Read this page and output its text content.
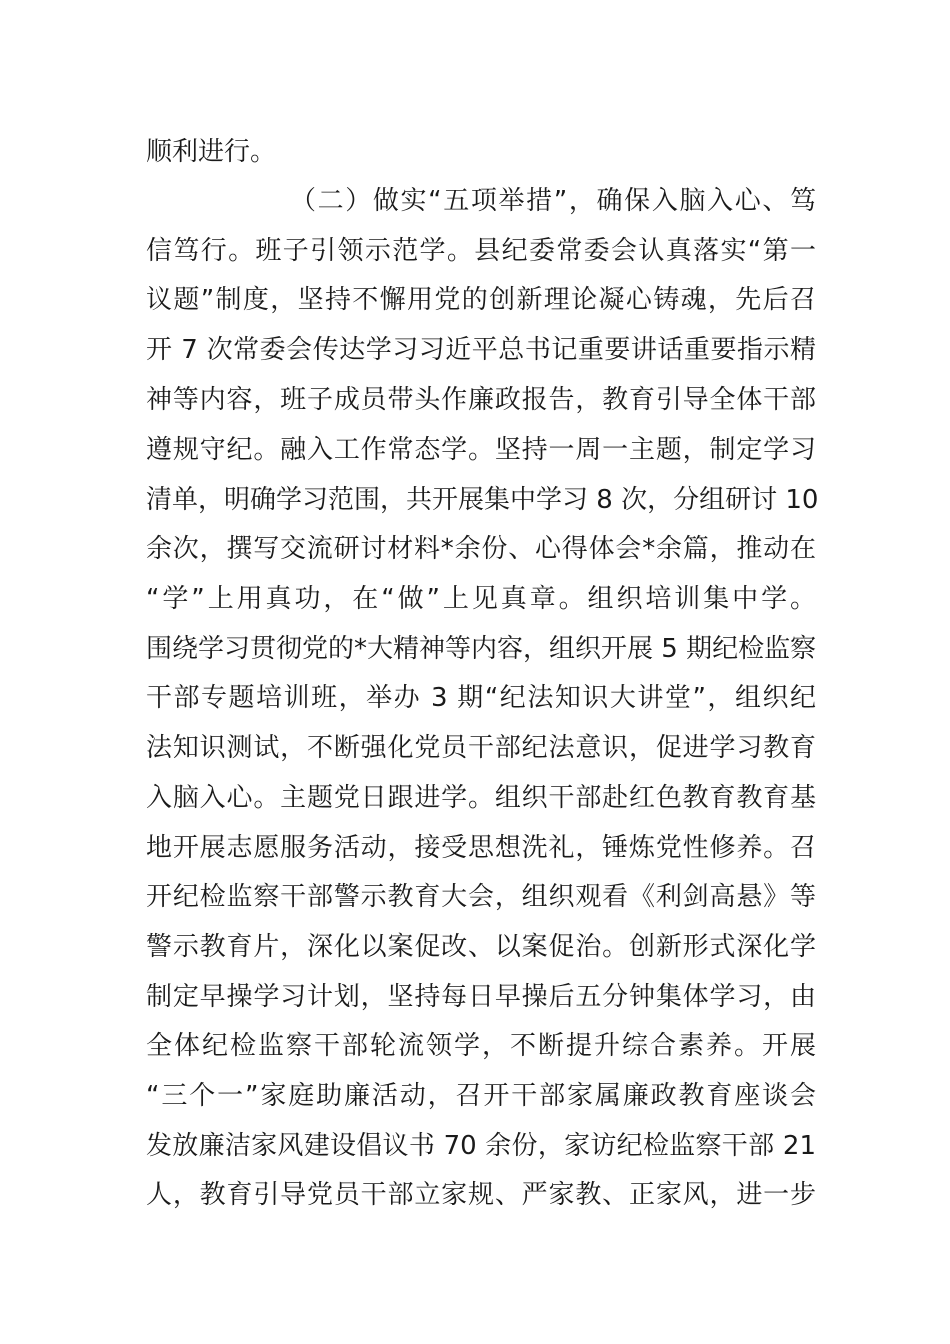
顺利进行。
（二）做实“五项举措”，确保入脑入心、笃
信笃行。班子引领示范学。县纪委常委会认真落实“第一
议题”制度，坚持不懈用党的创新理论凝心铸魂，先后召
开 7 次常委会传达学习习近平总书记重要讲话重要指示精
神等内容，班子成员带头作廉政报告，教育引导全体干部
遵规守纪。融入工作常态学。坚持一周一主题，制定学习
清单，明确学习范围，共开展集中学习 8 次，分组研讨 10
余次，撰写交流研讨材料*余份、心得体会*余篇，推动在
“学”上用真功，在“做”上见真章。组织培训集中学。
围绕学习贯彻党的*大精神等内容，组织开展 5 期纪检监察
干部专题培训班，举办 3 期“纪法知识大讲堂”，组织纪
法知识测试，不断强化党员干部纪法意识，促进学习教育
入脑入心。主题党日跟进学。组织干部赴红色教育教育基
地开展志愿服务活动，接受思想洗礼，锤炼党性修养。召
开纪检监察干部警示教育大会，组织观看《利剑高悬》等
警示教育片，深化以案促改、以案促治。创新形式深化学
制定早操学习计划，坚持每日早操后五分钟集体学习，由
全体纪检监察干部轮流领学，不断提升综合素养。开展
“三个一”家庭助廉活动，召开干部家属廉政教育座谈会
发放廉洁家风建设倡议书 70 余份，家访纪检监察干部 21
人，教育引导党员干部立家规、严家教、正家风，进一步
